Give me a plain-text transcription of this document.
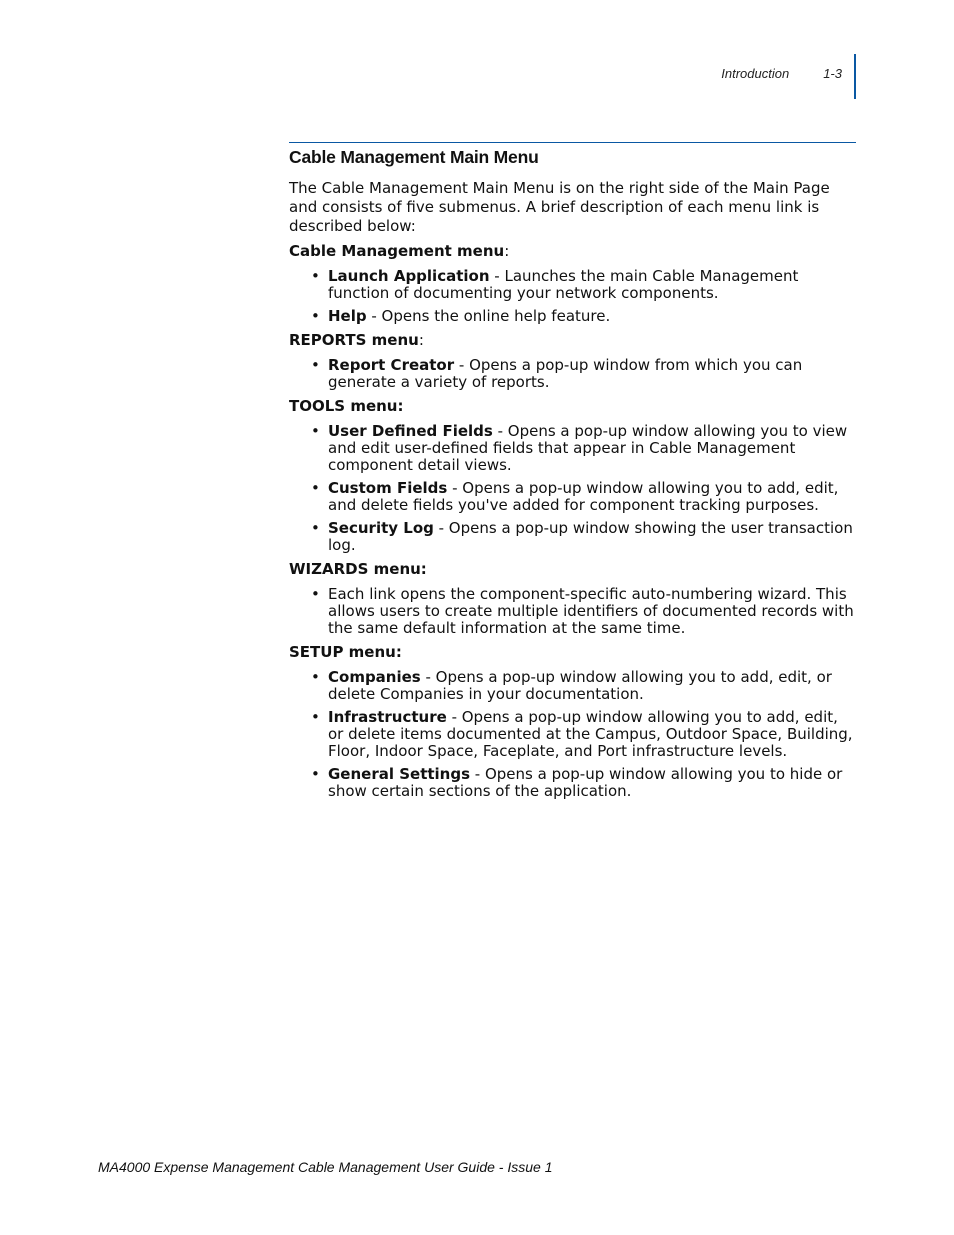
Introduction	1-3
Cable Management Main Menu

The Cable Management Main Menu is on the right side of the Main Page and consists of five submenus. A brief description of each menu link is described below:

Cable Management menu:
• Launch Application - Launches the main Cable Management function of documenting your network components.
• Help - Opens the online help feature.
REPORTS menu:
• Report Creator - Opens a pop-up window from which you can generate a variety of reports.
TOOLS menu:
• User Defined Fields - Opens a pop-up window allowing you to view and edit user-defined fields that appear in Cable Management component detail views.
• Custom Fields - Opens a pop-up window allowing you to add, edit, and delete fields you've added for component tracking purposes.
• Security Log - Opens a pop-up window showing the user transaction log.
WIZARDS menu:
• Each link opens the component-specific auto-numbering wizard. This allows users to create multiple identifiers of documented records with the same default information at the same time.
SETUP menu:
• Companies - Opens a pop-up window allowing you to add, edit, or delete Companies in your documentation.
• Infrastructure - Opens a pop-up window allowing you to add, edit, or delete items documented at the Campus, Outdoor Space, Building, Floor, Indoor Space, Faceplate, and Port infrastructure levels.
• General Settings - Opens a pop-up window allowing you to hide or show certain sections of the application.
MA4000 Expense Management Cable Management User Guide - Issue 1
